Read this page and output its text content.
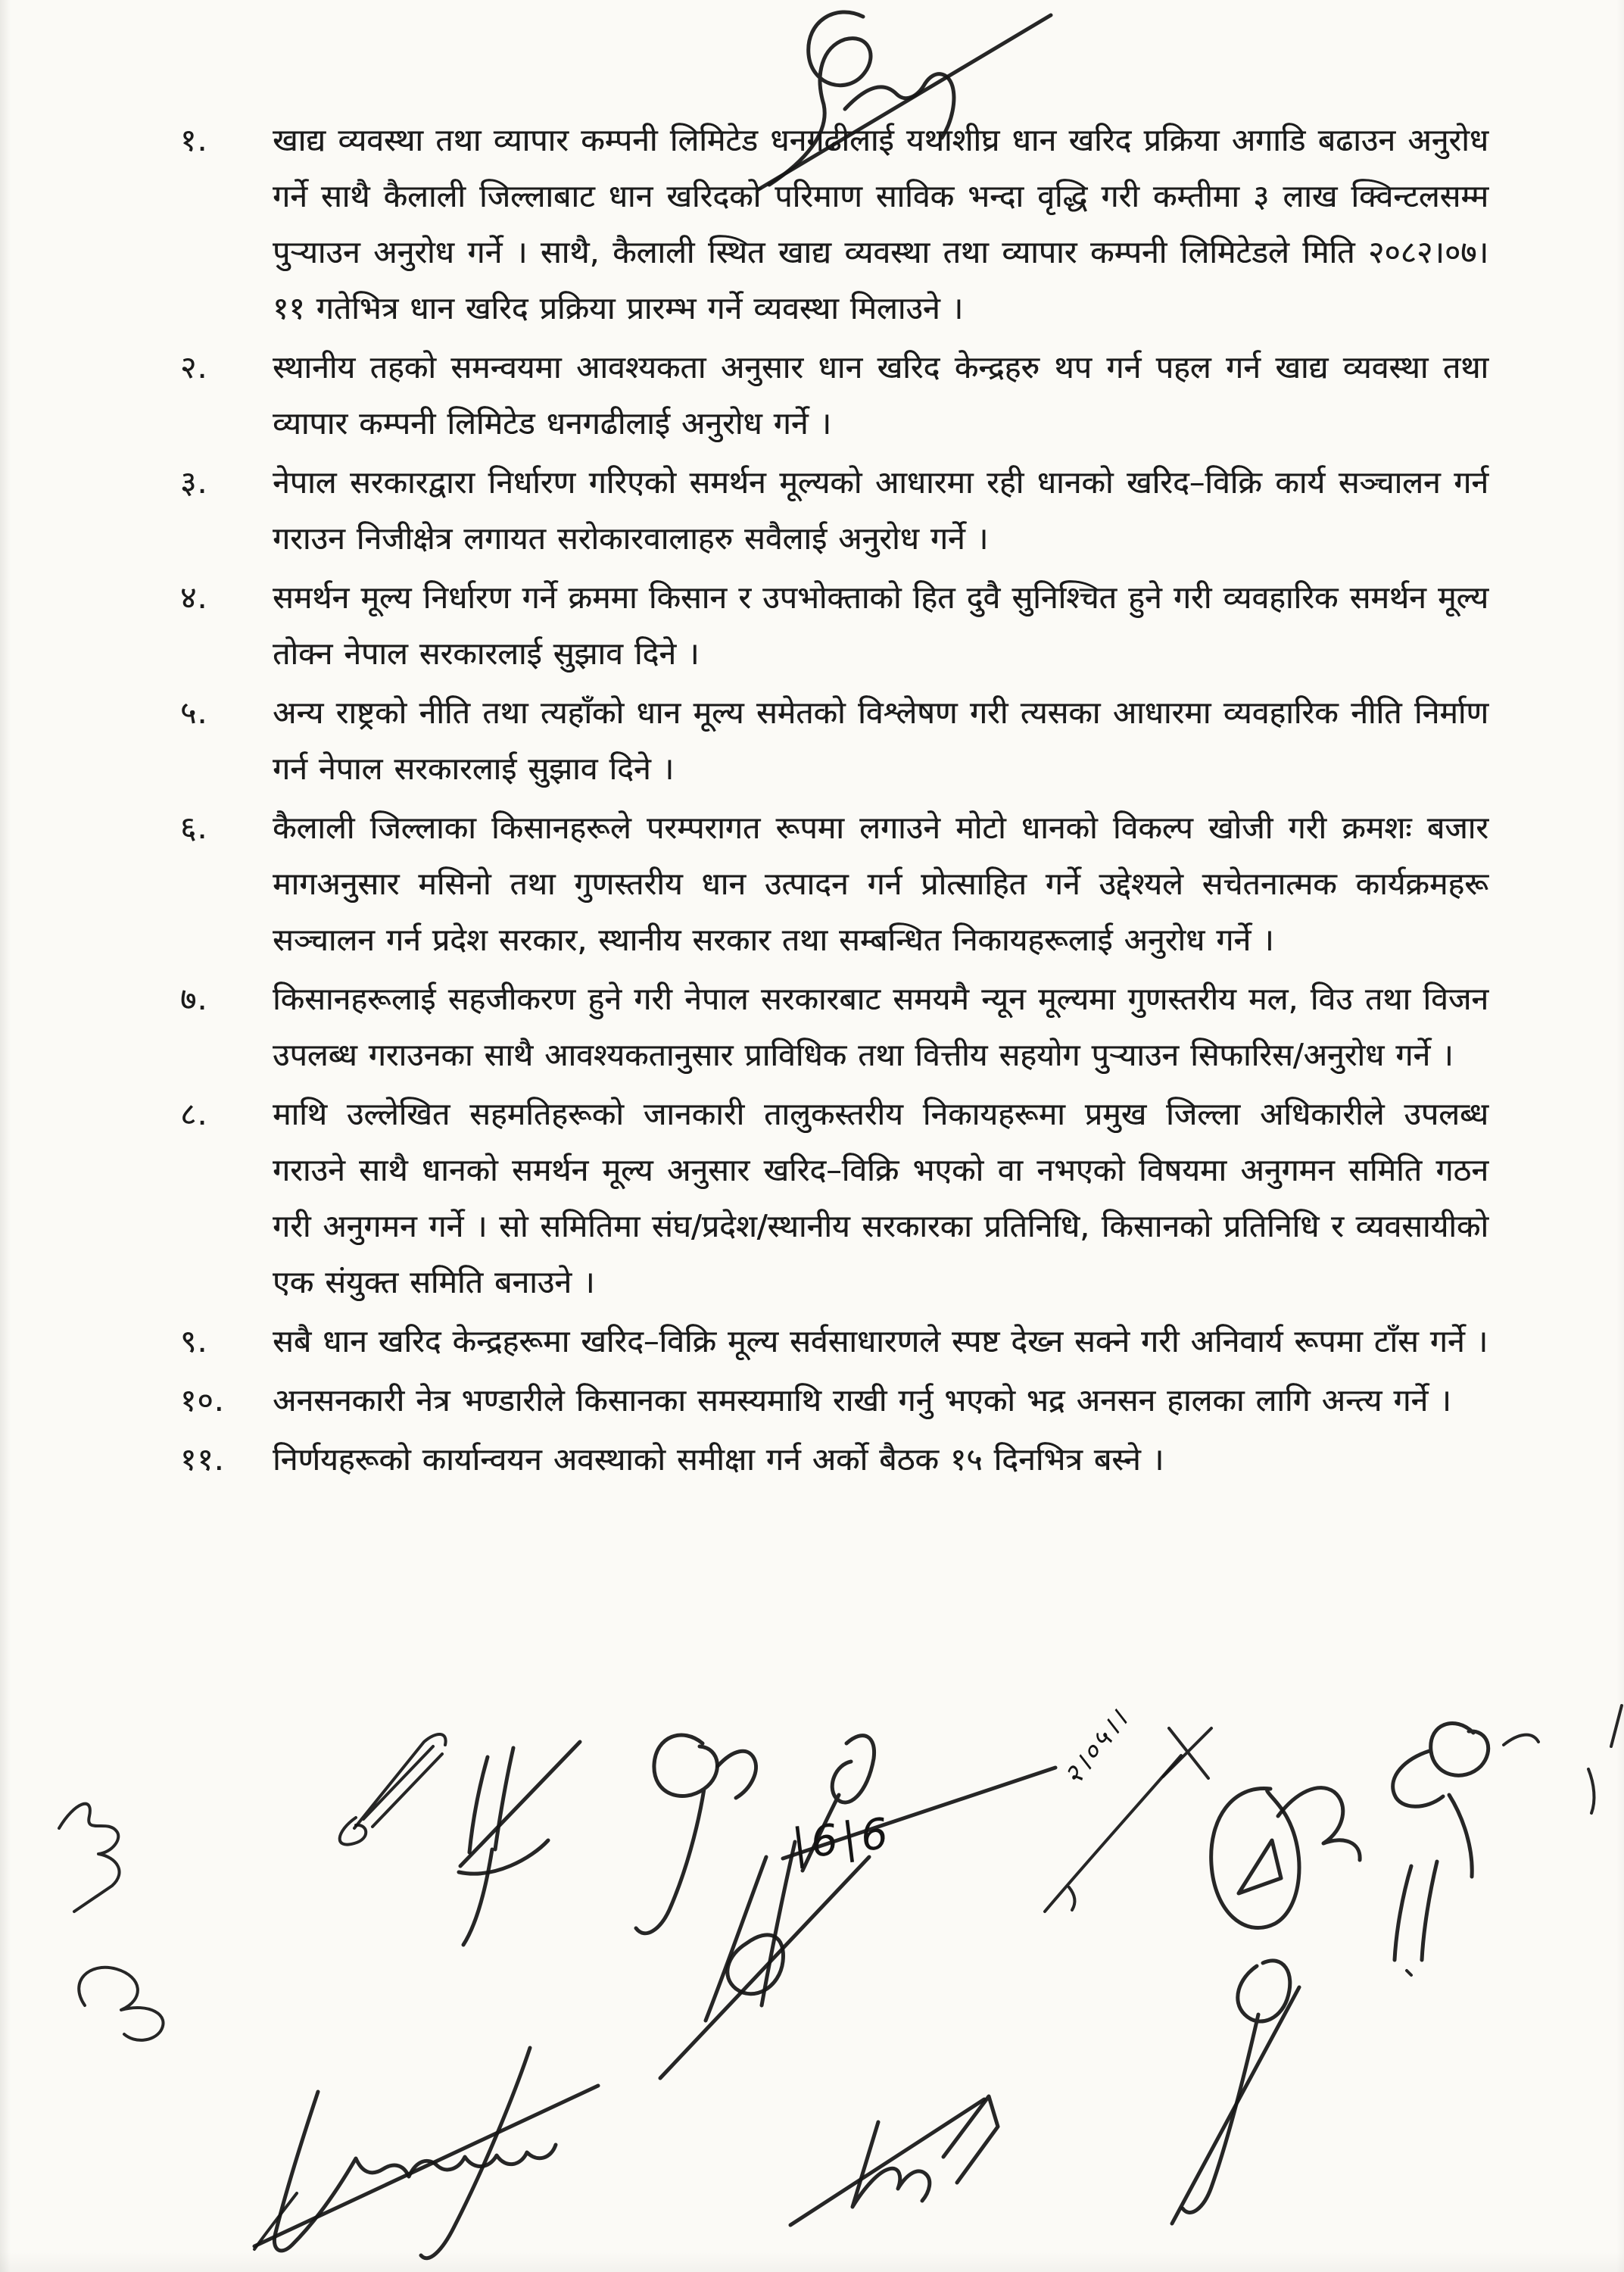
१.	खाद्य व्यवस्था तथा व्यापार कम्पनी लिमिटेड धनगढीलाई यथाशीघ्र धान खरिद प्रक्रिया अगाडि बढाउन अनुरोध गर्ने साथै कैलाली जिल्लाबाट धान खरिदको परिमाण साविक भन्दा वृद्धि गरी कम्तीमा ३ लाख क्विन्टलसम्म पुऱ्याउन अनुरोध गर्ने । साथै, कैलाली स्थित खाद्य व्यवस्था तथा व्यापार कम्पनी लिमिटेडले मिति २०८२।०७।११ गतेभित्र धान खरिद प्रक्रिया प्रारम्भ गर्ने व्यवस्था मिलाउने ।
२.	स्थानीय तहको समन्वयमा आवश्यकता अनुसार धान खरिद केन्द्रहरु थप गर्न पहल गर्न खाद्य व्यवस्था तथा व्यापार कम्पनी लिमिटेड धनगढीलाई अनुरोध गर्ने ।
३.	नेपाल सरकारद्वारा निर्धारण गरिएको समर्थन मूल्यको आधारमा रही धानको खरिद–विक्रि कार्य सञ्चालन गर्न गराउन निजीक्षेत्र लगायत सरोकारवालाहरु सवैलाई अनुरोध गर्ने ।
४.	समर्थन मूल्य निर्धारण गर्ने क्रममा किसान र उपभोक्ताको हित दुवै सुनिश्चित हुने गरी व्यवहारिक समर्थन मूल्य तोक्न नेपाल सरकारलाई सुझाव दिने ।
५.	अन्य राष्ट्रको नीति तथा त्यहाँको धान मूल्य समेतको विश्लेषण गरी त्यसका आधारमा व्यवहारिक नीति निर्माण गर्न नेपाल सरकारलाई सुझाव दिने ।
६.	कैलाली जिल्लाका किसानहरूले परम्परागत रूपमा लगाउने मोटो धानको विकल्प खोजी गरी क्रमशः बजार मागअनुसार मसिनो तथा गुणस्तरीय धान उत्पादन गर्न प्रोत्साहित गर्ने उद्देश्यले सचेतनात्मक कार्यक्रमहरू सञ्चालन गर्न प्रदेश सरकार, स्थानीय सरकार तथा सम्बन्धित निकायहरूलाई अनुरोध गर्ने ।
७.	किसानहरूलाई सहजीकरण हुने गरी नेपाल सरकारबाट समयमै न्यून मूल्यमा गुणस्तरीय मल, विउ तथा विजन उपलब्ध गराउनका साथै आवश्यकतानुसार प्राविधिक तथा वित्तीय सहयोग पुऱ्याउन सिफारिस/अनुरोध गर्ने ।
८.	माथि उल्लेखित सहमतिहरूको जानकारी तालुकस्तरीय निकायहरूमा प्रमुख जिल्ला अधिकारीले उपलब्ध गराउने साथै धानको समर्थन मूल्य अनुसार खरिद–विक्रि भएको वा नभएको विषयमा अनुगमन समिति गठन गरी अनुगमन गर्ने । सो समितिमा संघ/प्रदेश/स्थानीय सरकारका प्रतिनिधि, किसानको प्रतिनिधि र व्यवसायीको एक संयुक्त समिति बनाउने ।
९.	सबै धान खरिद केन्द्रहरूमा खरिद–विक्रि मूल्य सर्वसाधारणले स्पष्ट देख्न सक्ने गरी अनिवार्य रूपमा टाँस गर्ने ।
१०.	अनसनकारी नेत्र भण्डारीले किसानका समस्यमाथि राखी गर्नु भएको भद्र अनसन हालका लागि अन्त्य गर्ने ।
११.	निर्णयहरूको कार्यान्वयन अवस्थाको समीक्षा गर्न अर्को बैठक १५ दिनभित्र बस्ने ।
|6|6
२।०५।।
